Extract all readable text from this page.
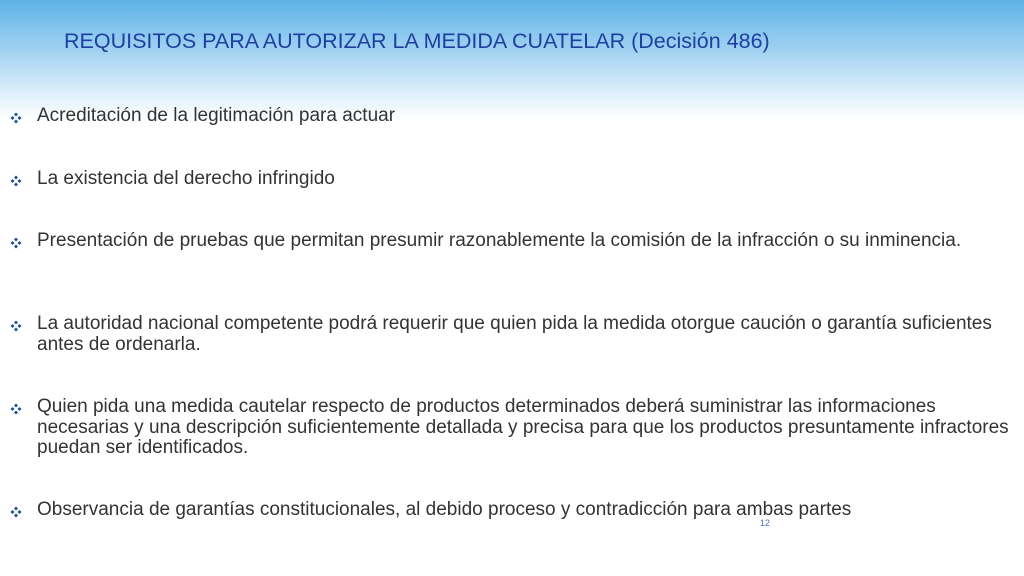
REQUISITOS PARA AUTORIZAR LA MEDIDA CUATELAR (Decisión 486)
Acreditación de la legitimación para actuar
La existencia del derecho infringido
Presentación de pruebas que permitan presumir razonablemente la comisión de la infracción o su inminencia.
La autoridad nacional competente podrá requerir que quien pida la medida otorgue caución o garantía suficientes antes de ordenarla.
Quien pida una medida cautelar respecto de productos determinados deberá suministrar las informaciones necesarias y una descripción suficientemente detallada y precisa para que los productos presuntamente infractores puedan ser identificados.
Observancia de garantías constitucionales, al debido proceso y contradicción para ambas partes
12
